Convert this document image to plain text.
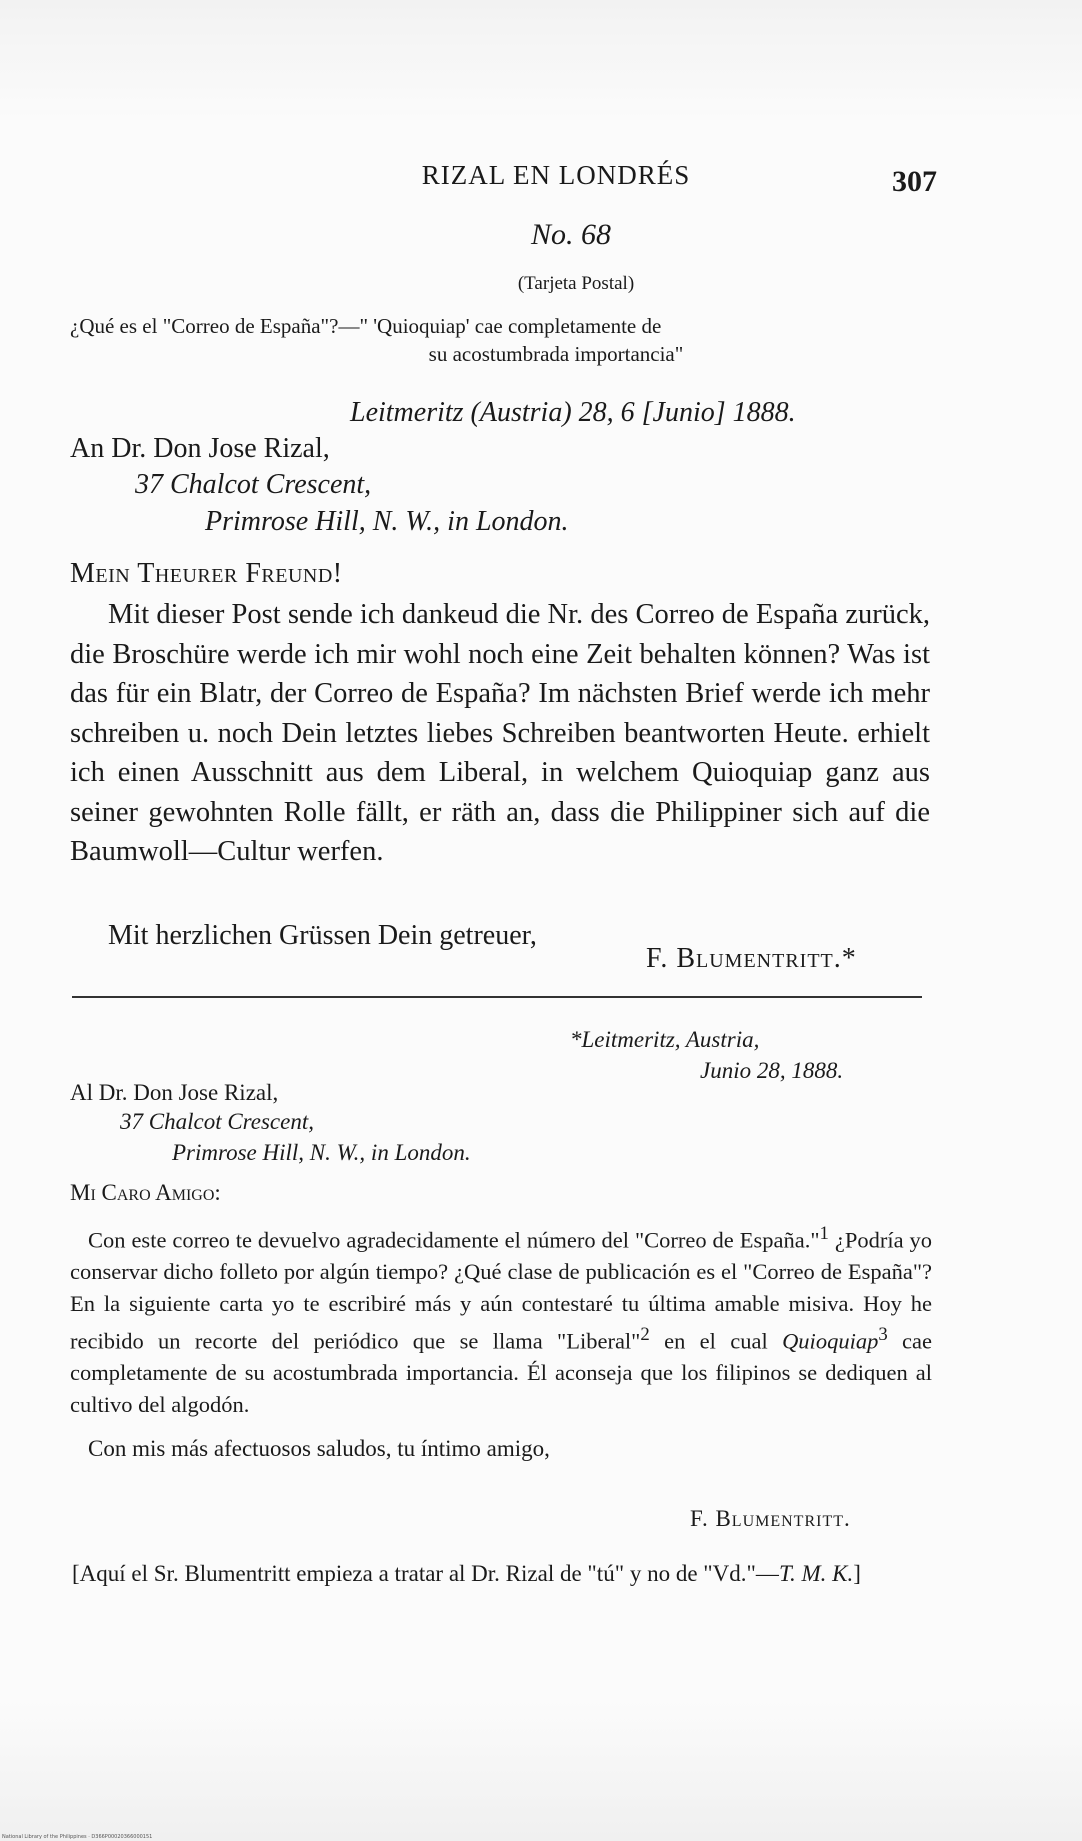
RIZAL EN LONDRÉS	307
No. 68
(Tarjeta Postal)
¿Qué es el "Correo de España"?—" 'Quioquiap' cae completamente de
su acostumbrada importancia"
Leitmeritz (Austria) 28, 6 [Junio] 1888.
An Dr. Don Jose Rizal,
37 Chalcot Crescent,
Primrose Hill, N. W., in London.
Mein Theurer Freund!
Mit dieser Post sende ich dankeud die Nr. des Correo de España zurück, die Broschüre werde ich mir wohl noch eine Zeit behalten können? Was ist das für ein Blatr, der Correo de España? Im nächsten Brief werde ich mehr schreiben u. noch Dein letztes liebes Schreiben beantworten Heute. erhielt ich einen Ausschnitt aus dem Liberal, in welchem Quioquiap ganz aus seiner gewohnten Rolle fällt, er räth an, dass die Philippiner sich auf die Baumwoll—Cultur werfen.
Mit herzlichen Grüssen Dein getreuer,
F. Blumentritt.*
*Leitmeritz, Austria,
Junio 28, 1888.
Al Dr. Don Jose Rizal,
37 Chalcot Crescent,
Primrose Hill, N. W., in London.
Mi Caro Amigo:
Con este correo te devuelvo agradecidamente el número del "Correo de España."$^1$ ¿Podría yo conservar dicho folleto por algún tiempo? ¿Qué clase de publicación es el "Correo de España"? En la siguiente carta yo te escribiré más y aún contestaré tu última amable misiva. Hoy he recibido un recorte del periódico que se llama "Liberal"$^2$ en el cual Quioquiap$^3$ cae completamente de su acostumbrada importancia. Él aconseja que los filipinos se dediquen al cultivo del algodón.
Con mis más afectuosos saludos, tu íntimo amigo,
F. Blumentritt.
[Aquí el Sr. Blumentritt empieza a tratar al Dr. Rizal de "tú" y no de "Vd."—T. M. K.]
National Library of the Philippines · D366P00020366000151
